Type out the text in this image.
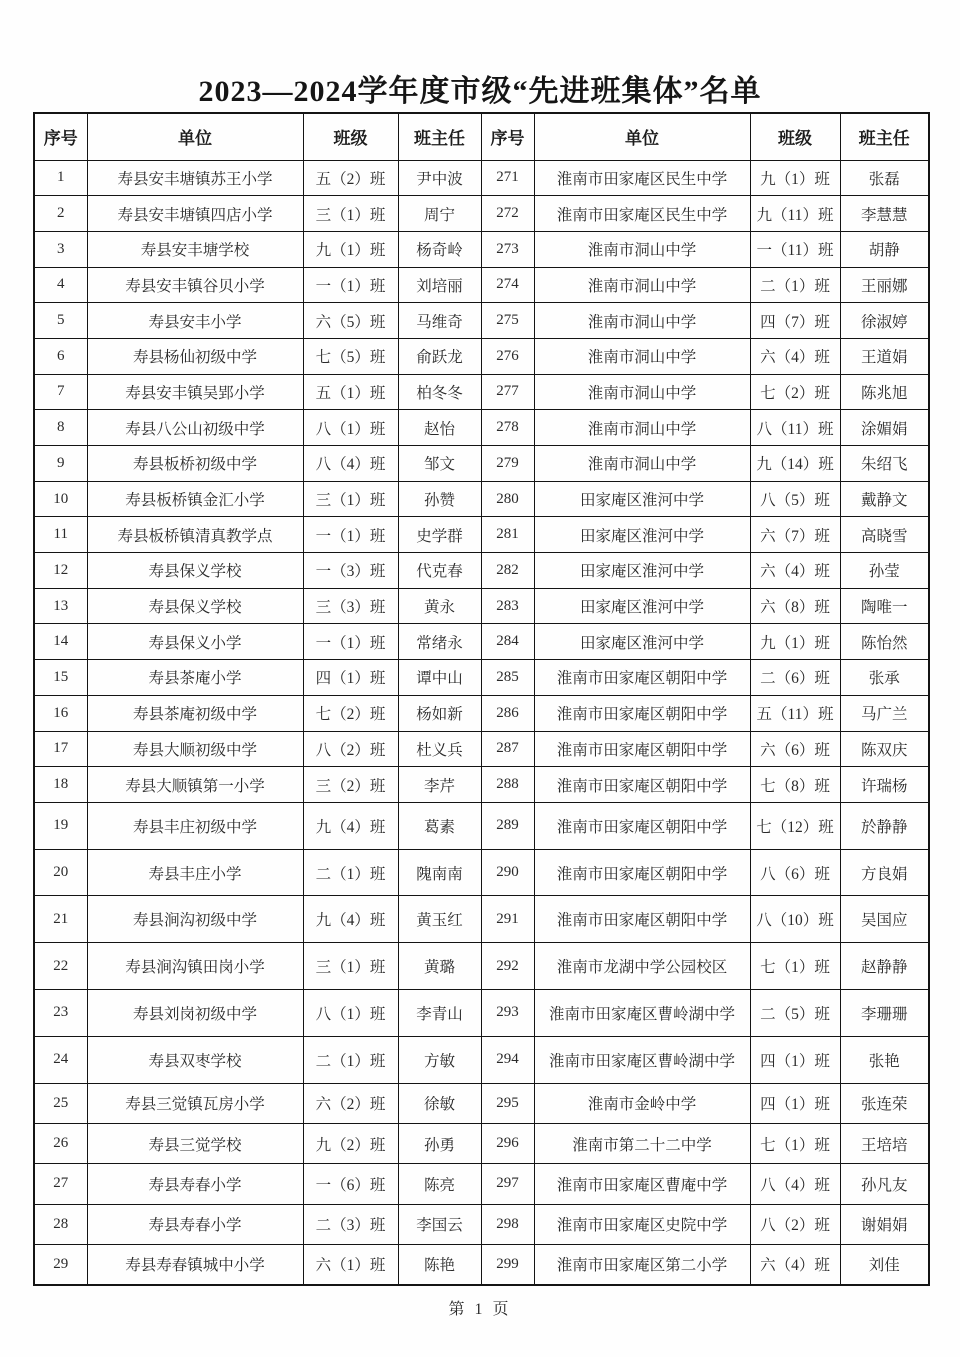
2023—2024学年度市级“先进班集体”名单
序号	单位	班级	班主任	序号	单位	班级	班主任
1	寿县安丰塘镇苏王小学	五（2）班	尹中波	271	淮南市田家庵区民生中学	九（1）班	张磊
2	寿县安丰塘镇四店小学	三（1）班	周宁	272	淮南市田家庵区民生中学	九（11）班	李慧慧
3	寿县安丰塘学校	九（1）班	杨奇岭	273	淮南市洞山中学	一（11）班	胡静
4	寿县安丰镇谷贝小学	一（1）班	刘培丽	274	淮南市洞山中学	二（1）班	王丽娜
5	寿县安丰小学	六（5）班	马维奇	275	淮南市洞山中学	四（7）班	徐淑婷
6	寿县杨仙初级中学	七（5）班	俞跃龙	276	淮南市洞山中学	六（4）班	王道娟
7	寿县安丰镇吴郢小学	五（1）班	柏冬冬	277	淮南市洞山中学	七（2）班	陈兆旭
8	寿县八公山初级中学	八（1）班	赵怡	278	淮南市洞山中学	八（11）班	涂媚娟
9	寿县板桥初级中学	八（4）班	邹文	279	淮南市洞山中学	九（14）班	朱绍飞
10	寿县板桥镇金汇小学	三（1）班	孙赞	280	田家庵区淮河中学	八（5）班	戴静文
11	寿县板桥镇清真教学点	一（1）班	史学群	281	田家庵区淮河中学	六（7）班	高晓雪
12	寿县保义学校	一（3）班	代克春	282	田家庵区淮河中学	六（4）班	孙莹
13	寿县保义学校	三（3）班	黄永	283	田家庵区淮河中学	六（8）班	陶唯一
14	寿县保义小学	一（1）班	常绪永	284	田家庵区淮河中学	九（1）班	陈怡然
15	寿县茶庵小学	四（1）班	谭中山	285	淮南市田家庵区朝阳中学	二（6）班	张承
16	寿县茶庵初级中学	七（2）班	杨如新	286	淮南市田家庵区朝阳中学	五（11）班	马广兰
17	寿县大顺初级中学	八（2）班	杜义兵	287	淮南市田家庵区朝阳中学	六（6）班	陈双庆
18	寿县大顺镇第一小学	三（2）班	李芹	288	淮南市田家庵区朝阳中学	七（8）班	许瑞杨
19	寿县丰庄初级中学	九（4）班	葛素	289	淮南市田家庵区朝阳中学	七（12）班	於静静
20	寿县丰庄小学	二（1）班	隗南南	290	淮南市田家庵区朝阳中学	八（6）班	方良娟
21	寿县涧沟初级中学	九（4）班	黄玉红	291	淮南市田家庵区朝阳中学	八（10）班	吴国应
22	寿县涧沟镇田岗小学	三（1）班	黄璐	292	淮南市龙湖中学公园校区	七（1）班	赵静静
23	寿县刘岗初级中学	八（1）班	李青山	293	淮南市田家庵区曹岭湖中学	二（5）班	李珊珊
24	寿县双枣学校	二（1）班	方敏	294	淮南市田家庵区曹岭湖中学	四（1）班	张艳
25	寿县三觉镇瓦房小学	六（2）班	徐敏	295	淮南市金岭中学	四（1）班	张连荣
26	寿县三觉学校	九（2）班	孙勇	296	淮南市第二十二中学	七（1）班	王培培
27	寿县寿春小学	一（6）班	陈亮	297	淮南市田家庵区曹庵中学	八（4）班	孙凡友
28	寿县寿春小学	二（3）班	李国云	298	淮南市田家庵区史院中学	八（2）班	谢娟娟
29	寿县寿春镇城中小学	六（1）班	陈艳	299	淮南市田家庵区第二小学	六（4）班	刘佳
第 1 页
